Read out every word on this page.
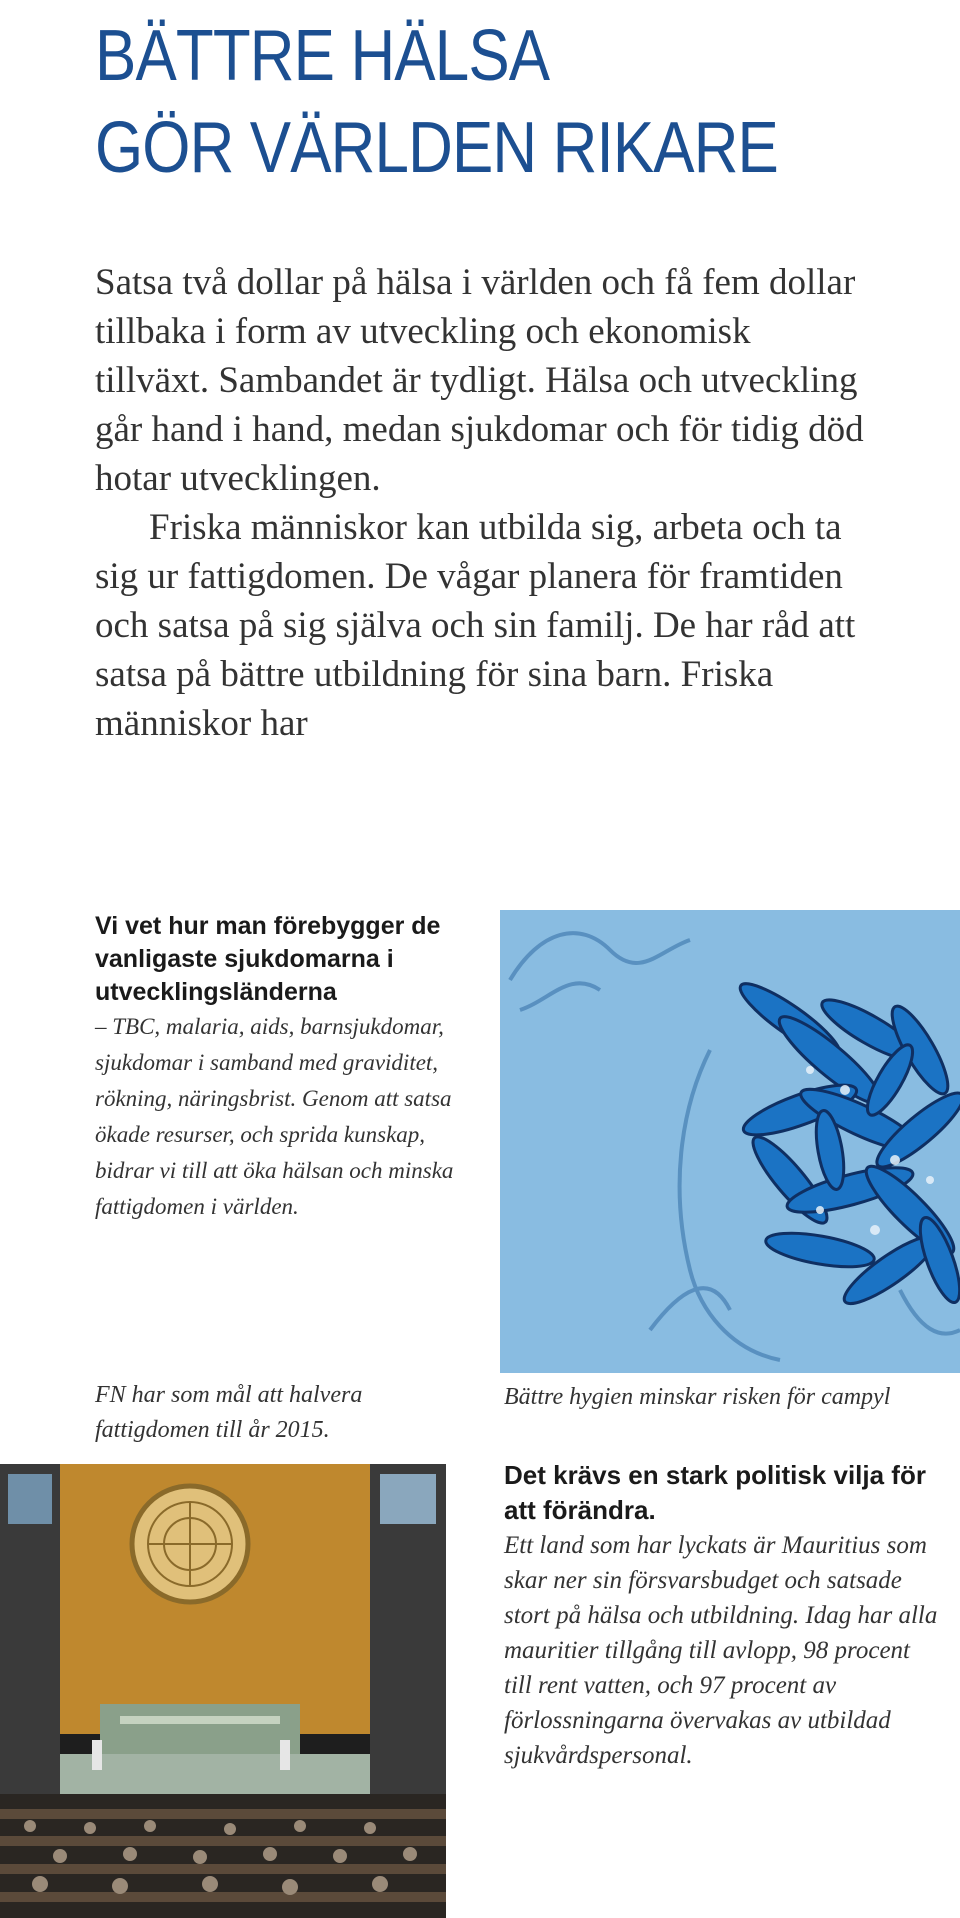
BÄTTRE HÄLSA
GÖR VÄRLDEN RIKARE

Satsa två dollar på hälsa i världen och få fem dollar tillbaka i form av utveckling och ekonomisk tillväxt. Sambandet är tydligt. Hälsa och utveckling går hand i hand, medan sjukdomar och för tidig död hotar utvecklingen.

Friska människor kan utbilda sig, arbeta och ta sig ur fattigdomen. De vågar planera för framtiden och satsa på sig själva och sin familj. De har råd att satsa på bättre utbildning för sina barn. Friska människor har

Vi vet hur man förebygger de vanligaste sjukdomarna i utvecklingsländerna

– TBC, malaria, aids, barnsjukdomar, sjukdomar i samband med graviditet, rökning, näringsbrist. Genom att satsa ökade resurser, och sprida kunskap, bidrar vi till att öka hälsan och minska fattigdomen i världen.

Bättre hygien minskar risken för campyl

FN har som mål att halvera fattigdomen till år 2015.

Det krävs en stark politisk vilja för att förändra.

Ett land som har lyckats är Mauritius som skar ner sin försvarsbudget och satsade stort på hälsa och utbildning. Idag har alla mauritier tillgång till avlopp, 98 procent till rent vatten, och 97 procent av förlossningarna övervakas av utbildad sjukvårdspersonal.
